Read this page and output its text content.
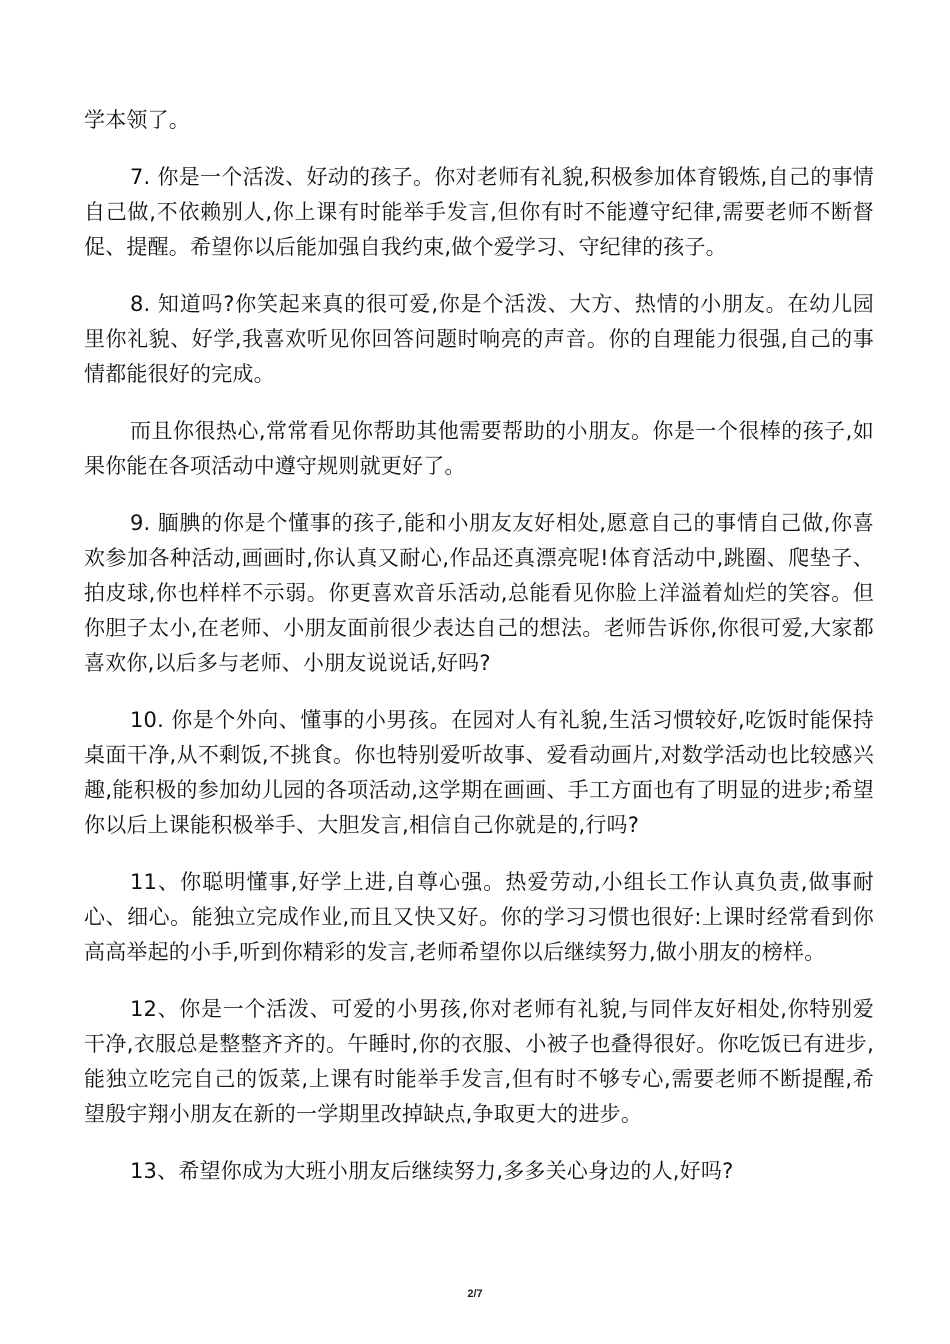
学本领了。

7. 你是一个活泼、好动的孩子。你对老师有礼貌,积极参加体育锻炼,自己的事情自己做,不依赖别人,你上课有时能举手发言,但你有时不能遵守纪律,需要老师不断督促、提醒。希望你以后能加强自我约束,做个爱学习、守纪律的孩子。

8. 知道吗?你笑起来真的很可爱,你是个活泼、大方、热情的小朋友。在幼儿园里你礼貌、好学,我喜欢听见你回答问题时响亮的声音。你的自理能力很强,自己的事情都能很好的完成。

而且你很热心,常常看见你帮助其他需要帮助的小朋友。你是一个很棒的孩子,如果你能在各项活动中遵守规则就更好了。

9. 腼腆的你是个懂事的孩子,能和小朋友友好相处,愿意自己的事情自己做,你喜欢参加各种活动,画画时,你认真又耐心,作品还真漂亮呢!体育活动中,跳圈、爬垫子、拍皮球,你也样样不示弱。你更喜欢音乐活动,总能看见你脸上洋溢着灿烂的笑容。但你胆子太小,在老师、小朋友面前很少表达自己的想法。老师告诉你,你很可爱,大家都喜欢你,以后多与老师、小朋友说说话,好吗?

10. 你是个外向、懂事的小男孩。在园对人有礼貌,生活习惯较好,吃饭时能保持桌面干净,从不剩饭,不挑食。你也特别爱听故事、爱看动画片,对数学活动也比较感兴趣,能积极的参加幼儿园的各项活动,这学期在画画、手工方面也有了明显的进步;希望你以后上课能积极举手、大胆发言,相信自己你就是的,行吗?

11、你聪明懂事,好学上进,自尊心强。热爱劳动,小组长工作认真负责,做事耐心、细心。能独立完成作业,而且又快又好。你的学习习惯也很好:上课时经常看到你高高举起的小手,听到你精彩的发言,老师希望你以后继续努力,做小朋友的榜样。

12、你是一个活泼、可爱的小男孩,你对老师有礼貌,与同伴友好相处,你特别爱干净,衣服总是整整齐齐的。午睡时,你的衣服、小被子也叠得很好。你吃饭已有进步,能独立吃完自己的饭菜,上课有时能举手发言,但有时不够专心,需要老师不断提醒,希望殷宇翔小朋友在新的一学期里改掉缺点,争取更大的进步。

13、希望你成为大班小朋友后继续努力,多多关心身边的人,好吗?

2/7
